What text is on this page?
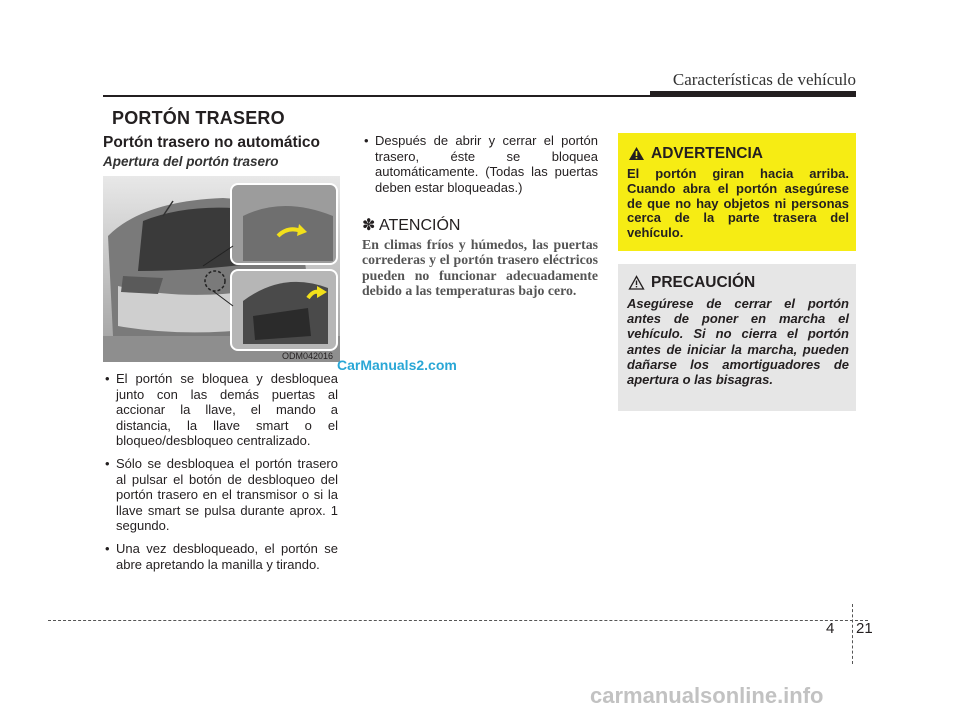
Características de vehículo
PORTÓN TRASERO
Portón trasero no automático
Apertura del portón trasero
ODM042016
• El portón se bloquea y desbloquea junto con las demás puertas al accionar la llave, el mando a distancia, la llave smart o el bloqueo/desbloqueo centralizado.
• Sólo se desbloquea el portón trasero al pulsar el botón de desbloqueo del portón trasero en el transmisor o si la llave smart se pulsa durante aprox. 1 segundo.
• Una vez desbloqueado, el portón se abre apretando la manilla y tirando.
• Después de abrir y cerrar el portón trasero, éste se bloquea automáticamente. (Todas las puertas deben estar bloqueadas.)
✽ ATENCIÓN
En climas fríos y húmedos, las puertas correderas y el portón trasero eléctricos pueden no funcionar adecuadamente debido a las temperaturas bajo cero.
ADVERTENCIA
El portón giran hacia arriba. Cuando abra el portón asegúrese de que no hay objetos ni personas cerca de la parte trasera del vehículo.
PRECAUCIÓN
Asegúrese de cerrar el portón antes de poner en marcha el vehículo. Si no cierra el portón antes de iniciar la marcha, pueden dañarse los amortiguadores de apertura o las bisagras.
4 21
CarManuals2.com
carmanualsonline.info
